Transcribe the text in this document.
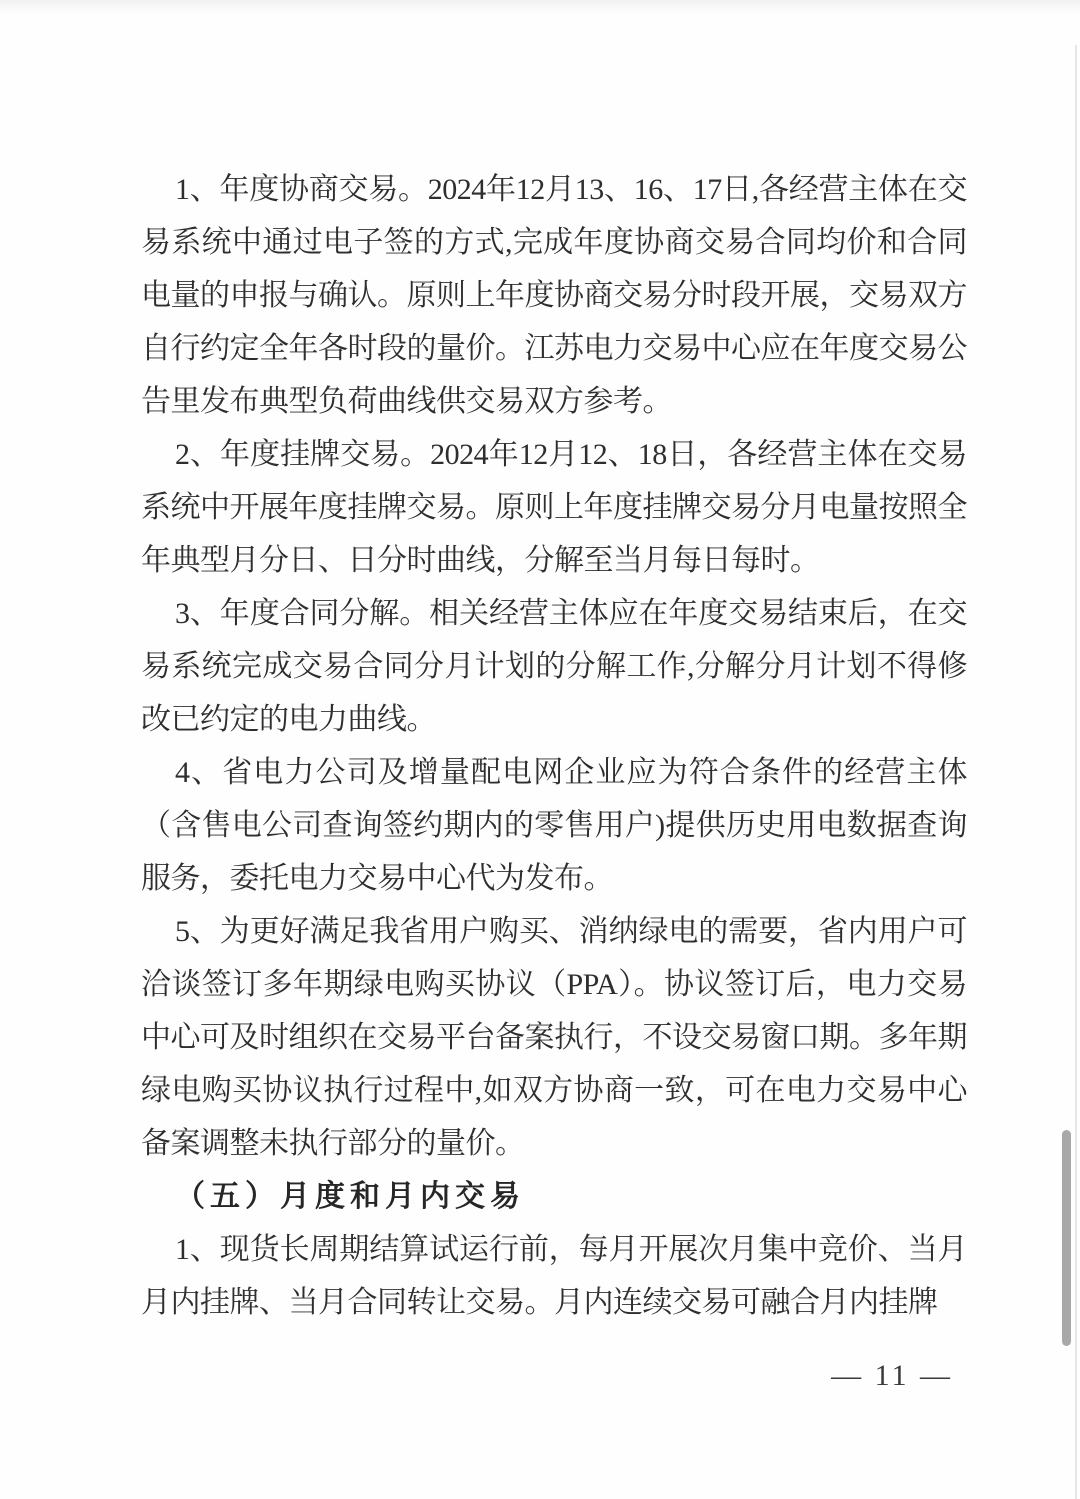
1、年度协商交易。2024年12月13、16、17日,各经营主体在交易系统中通过电子签的方式,完成年度协商交易合同均价和合同电量的申报与确认。原则上年度协商交易分时段开展，交易双方自行约定全年各时段的量价。江苏电力交易中心应在年度交易公告里发布典型负荷曲线供交易双方参考。

2、年度挂牌交易。2024年12月12、18日，各经营主体在交易系统中开展年度挂牌交易。原则上年度挂牌交易分月电量按照全年典型月分日、日分时曲线，分解至当月每日每时。

3、年度合同分解。相关经营主体应在年度交易结束后，在交易系统完成交易合同分月计划的分解工作,分解分月计划不得修改已约定的电力曲线。

4、省电力公司及增量配电网企业应为符合条件的经营主体（含售电公司查询签约期内的零售用户)提供历史用电数据查询服务，委托电力交易中心代为发布。

5、为更好满足我省用户购买、消纳绿电的需要，省内用户可洽谈签订多年期绿电购买协议（PPA）。协议签订后，电力交易中心可及时组织在交易平台备案执行，不设交易窗口期。多年期绿电购买协议执行过程中,如双方协商一致，可在电力交易中心备案调整未执行部分的量价。

（五）月度和月内交易

1、现货长周期结算试运行前，每月开展次月集中竞价、当月月内挂牌、当月合同转让交易。月内连续交易可融合月内挂牌

— 11 —
